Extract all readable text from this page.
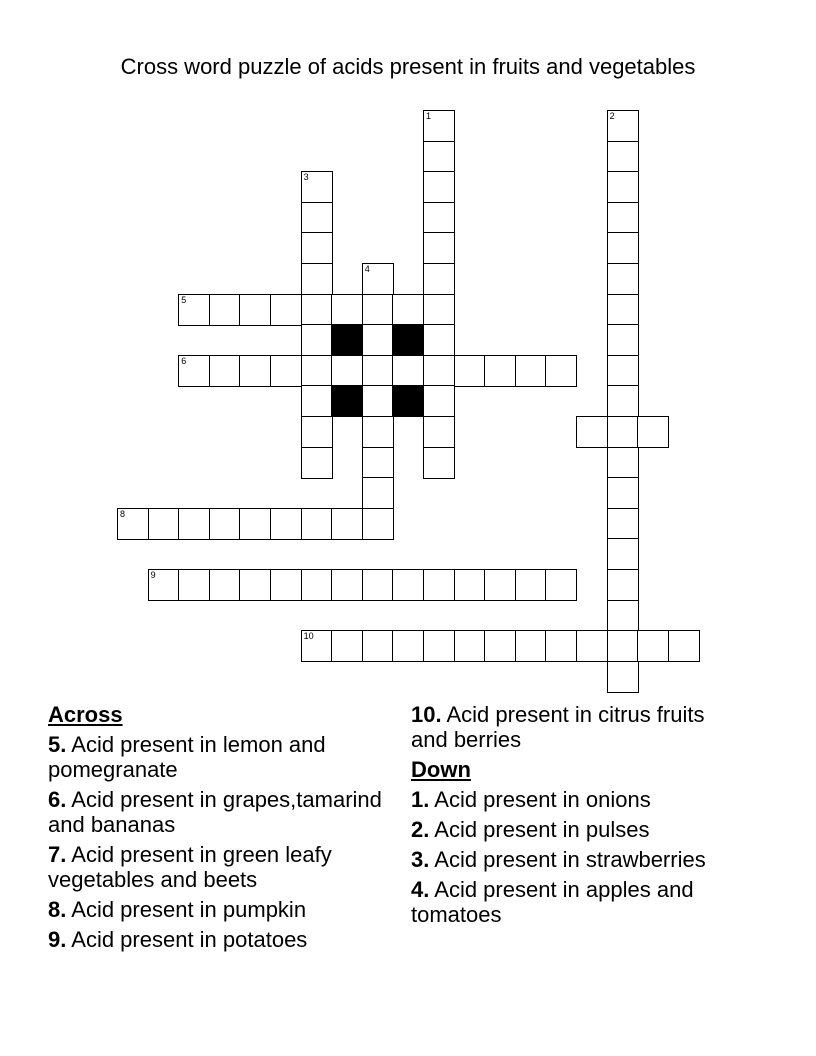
Cross word puzzle of acids present in fruits and vegetables
1	2
3
4
5
6
8
9
10
Across
5. Acid present in lemon and pomegranate
6. Acid present in grapes,tamarind and bananas
7. Acid present in green leafy vegetables and beets
8. Acid present in pumpkin
9. Acid present in potatoes
10. Acid present in citrus fruits and berries
Down
1. Acid present in onions
2. Acid present in pulses
3. Acid present in strawberries
4. Acid present in apples and tomatoes
